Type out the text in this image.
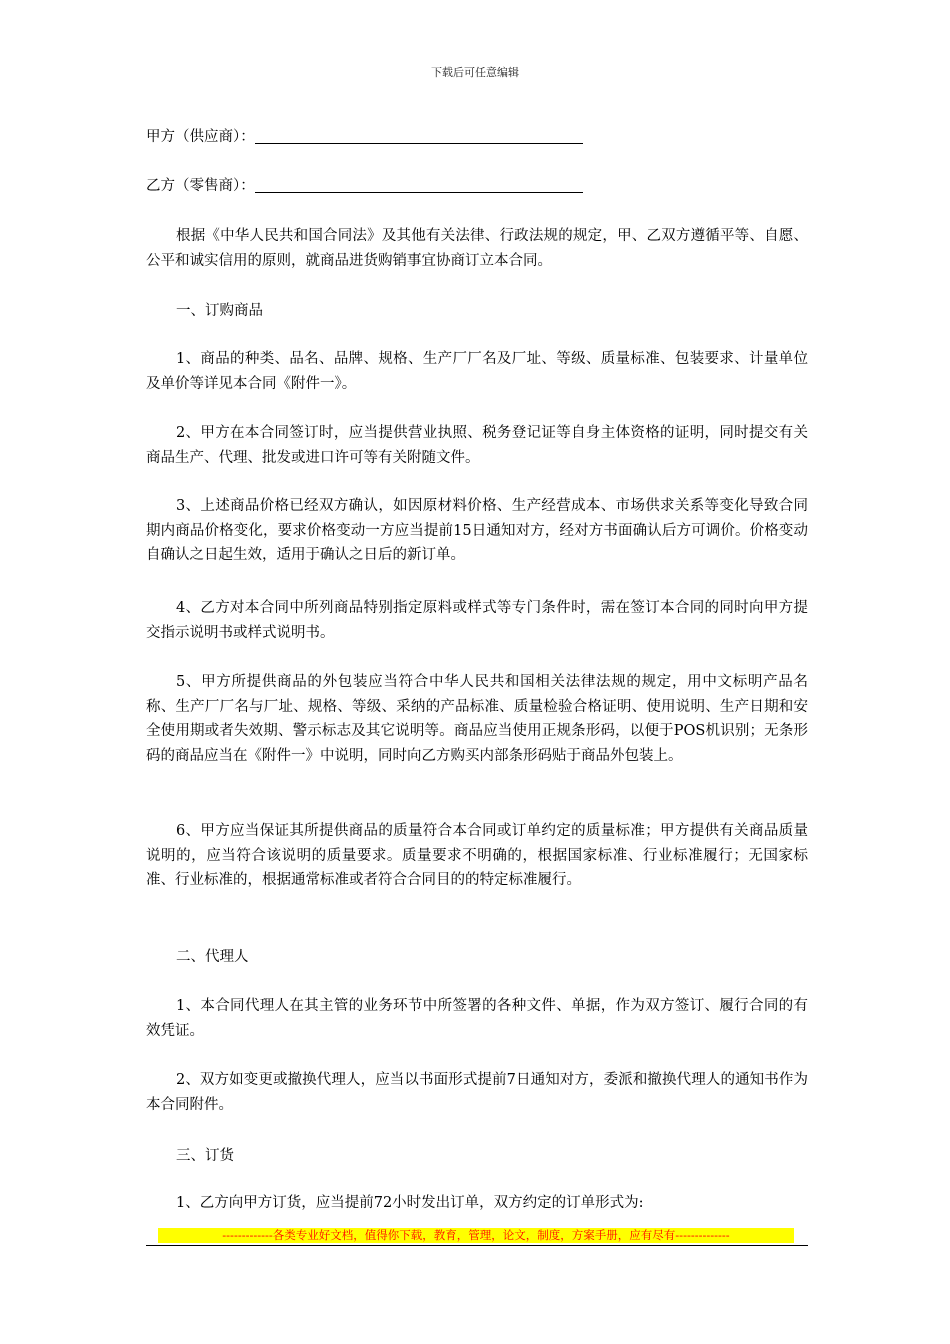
下载后可任意编辑
甲方（供应商）：
乙方（零售商）：
根据《中华人民共和国合同法》及其他有关法律、行政法规的规定，甲、乙双方遵循平等、自愿、公平和诚实信用的原则，就商品进货购销事宜协商订立本合同。
一、订购商品
1、商品的种类、品名、品牌、规格、生产厂厂名及厂址、等级、质量标准、包装要求、计量单位及单价等详见本合同《附件一》。
2、甲方在本合同签订时，应当提供营业执照、税务登记证等自身主体资格的证明，同时提交有关商品生产、代理、批发或进口许可等有关附随文件。
3、上述商品价格已经双方确认，如因原材料价格、生产经营成本、市场供求关系等变化导致合同期内商品价格变化，要求价格变动一方应当提前15日通知对方，经对方书面确认后方可调价。价格变动自确认之日起生效，适用于确认之日后的新订单。
4、乙方对本合同中所列商品特别指定原料或样式等专门条件时，需在签订本合同的同时向甲方提交指示说明书或样式说明书。
5、甲方所提供商品的外包装应当符合中华人民共和国相关法律法规的规定，用中文标明产品名称、生产厂厂名与厂址、规格、等级、采纳的产品标准、质量检验合格证明、使用说明、生产日期和安全使用期或者失效期、警示标志及其它说明等。商品应当使用正规条形码，以便于POS机识别；无条形码的商品应当在《附件一》中说明，同时向乙方购买内部条形码贴于商品外包装上。
6、甲方应当保证其所提供商品的质量符合本合同或订单约定的质量标准；甲方提供有关商品质量说明的，应当符合该说明的质量要求。质量要求不明确的，根据国家标准、行业标准履行；无国家标准、行业标准的，根据通常标准或者符合合同目的的特定标准履行。
二、代理人
1、本合同代理人在其主管的业务环节中所签署的各种文件、单据，作为双方签订、履行合同的有效凭证。
2、双方如变更或撤换代理人，应当以书面形式提前7日通知对方，委派和撤换代理人的通知书作为本合同附件。
三、订货
1、乙方向甲方订货，应当提前72小时发出订单，双方约定的订单形式为:
-------------各类专业好文档，值得你下载，教育，管理，论文，制度，方案手册，应有尽有--------------
